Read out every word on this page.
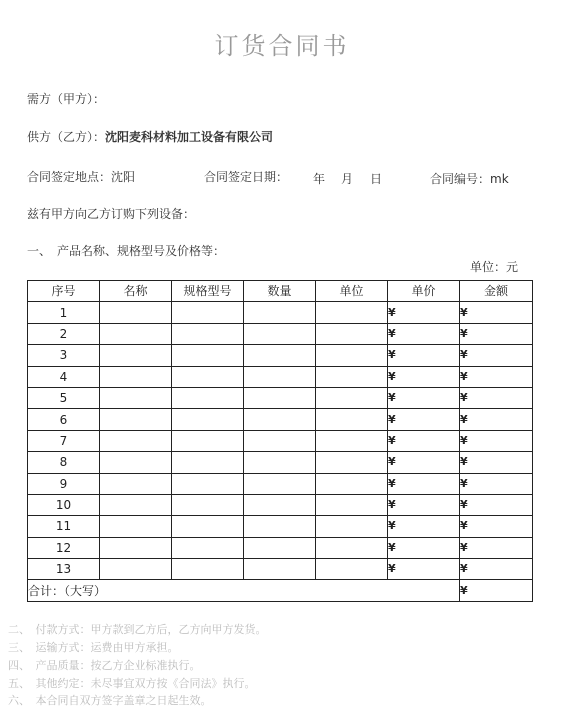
订货合同书
需方（甲方）：
供方（乙方）：沈阳麦科材料加工设备有限公司
合同签定地点：沈阳	合同签定日期： 年 月 日	合同编号：mk
兹有甲方向乙方订购下列设备：
一、　产品名称、规格型号及价格等：
单位：元
序号	名称	规格型号	数量	单位	单价	金额
1					¥	¥
2					¥	¥
3					¥	¥
4					¥	¥
5					¥	¥
6					¥	¥
7					¥	¥
8					¥	¥
9					¥	¥
10					¥	¥
11					¥	¥
12					¥	¥
13					¥	¥
合计：（大写）						¥
二、　付款方式：甲方款到乙方后，乙方向甲方发货。
三、　运输方式：运费由甲方承担。
四、　产品质量：按乙方企业标准执行。
五、　其他约定：未尽事宜双方按《合同法》执行。
六、　本合同自双方签字盖章之日起生效。
